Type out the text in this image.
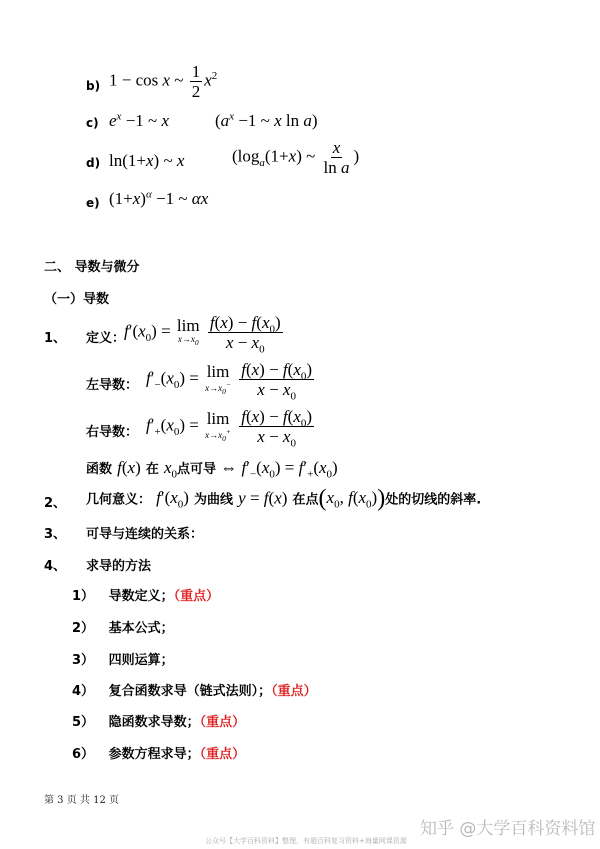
b) 1 − cos x ~ $\frac{1}{2} x^2$
c) $e^x -1$ ~ x	($a^x -1$ ~ x ln a)
d) ln(1+x) ~ x	($\log_a(1+x)$ ~ $\frac{x}{\text{ln a}}$ )
e) $(1+x)^\alpha -1$ ~ αx
二、 导数与微分
（一）导数
1、 定义：
$f'(x_0) = \lim$
$x\to x_0$
$\frac{f(x) - f(x_0)}{x - x_0}$
左导数： $f'_-(x_0) = \lim$
$x\to x_0^-$
$\frac{f(x) - f(x_0)}{x - x_0}$
右导数： $f'_+(x_0) = \lim$
$x\to x_0^+$
$\frac{f(x) - f(x_0)}{x - x_0}$
函数 f(x) 在 $x_0$点可导 ⇔ $f'_-(x_0) = f'_+(x_0)$
2、 几何意义： $f'(x_0)$ 为曲线 y = f(x) 在点($x_0$, $f(x_0)$)处的切线的斜率.
3、 可导与连续的关系：
4、 求导的方法
1） 导数定义；（重点）
2） 基本公式；
3） 四则运算；
4） 复合函数求导（链式法则）；（重点）
5） 隐函数求导数；（重点）
6） 参数方程求导；（重点）
第 3 页 共 12 页
知乎 @大学百科资料馆
公众号【大学百科资料】整理，有超百科复习资料+海量网课资源
